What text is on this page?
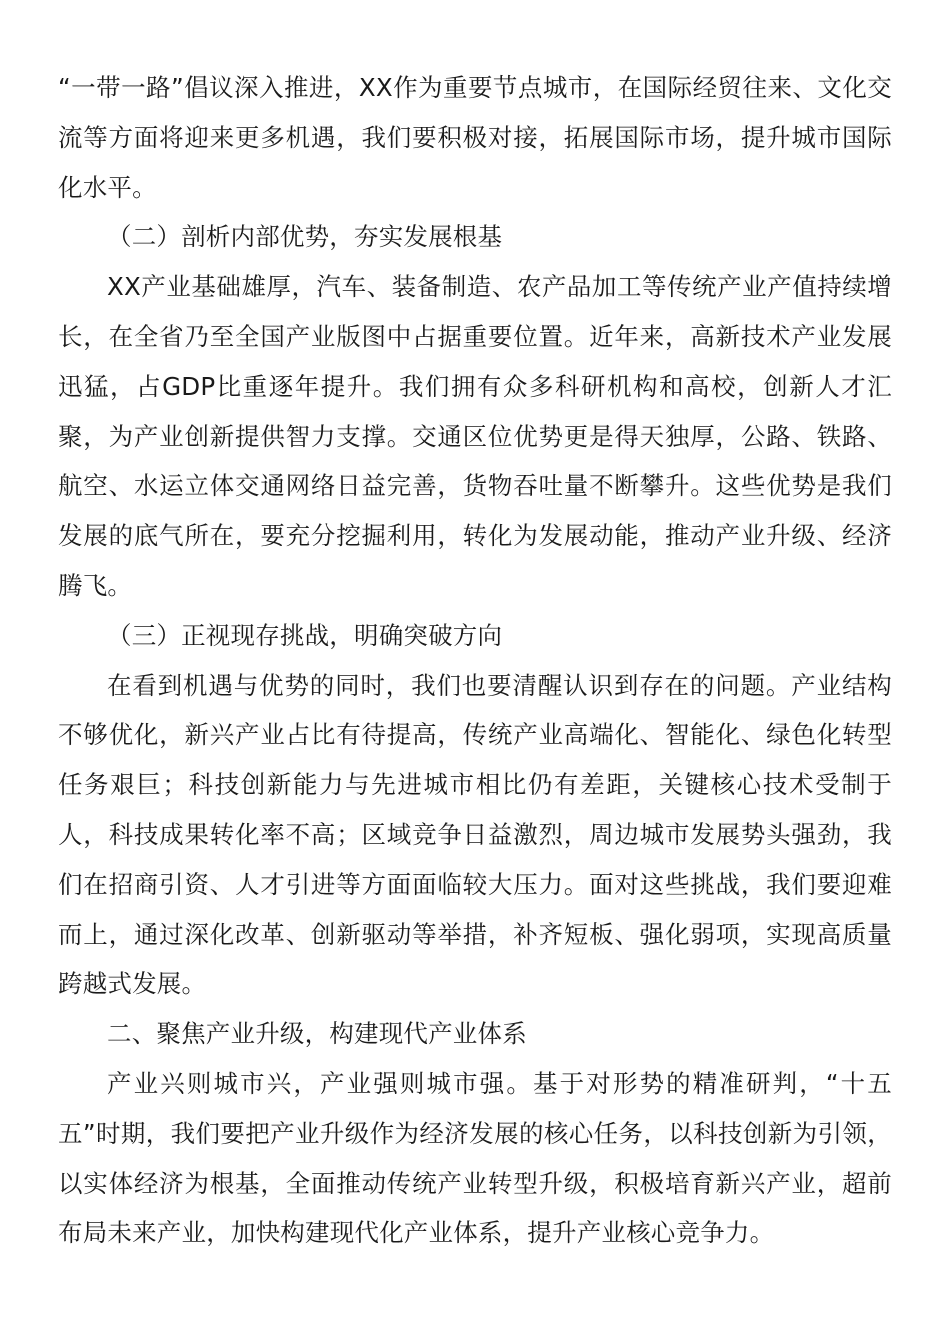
“一带一路”倡议深入推进，XX作为重要节点城市，在国际经贸往来、文化交流等方面将迎来更多机遇，我们要积极对接，拓展国际市场，提升城市国际化水平。

（二）剖析内部优势，夯实发展根基

XX产业基础雄厚，汽车、装备制造、农产品加工等传统产业产值持续增长，在全省乃至全国产业版图中占据重要位置。近年来，高新技术产业发展迅猛，占GDP比重逐年提升。我们拥有众多科研机构和高校，创新人才汇聚，为产业创新提供智力支撑。交通区位优势更是得天独厚，公路、铁路、航空、水运立体交通网络日益完善，货物吞吐量不断攀升。这些优势是我们发展的底气所在，要充分挖掘利用，转化为发展动能，推动产业升级、经济腾飞。

（三）正视现存挑战，明确突破方向

在看到机遇与优势的同时，我们也要清醒认识到存在的问题。产业结构不够优化，新兴产业占比有待提高，传统产业高端化、智能化、绿色化转型任务艰巨；科技创新能力与先进城市相比仍有差距，关键核心技术受制于人，科技成果转化率不高；区域竞争日益激烈，周边城市发展势头强劲，我们在招商引资、人才引进等方面面临较大压力。面对这些挑战，我们要迎难而上，通过深化改革、创新驱动等举措，补齐短板、强化弱项，实现高质量跨越式发展。

二、聚焦产业升级，构建现代产业体系

产业兴则城市兴，产业强则城市强。基于对形势的精准研判，“十五五”时期，我们要把产业升级作为经济发展的核心任务，以科技创新为引领，以实体经济为根基，全面推动传统产业转型升级，积极培育新兴产业，超前布局未来产业，加快构建现代化产业体系，提升产业核心竞争力。
